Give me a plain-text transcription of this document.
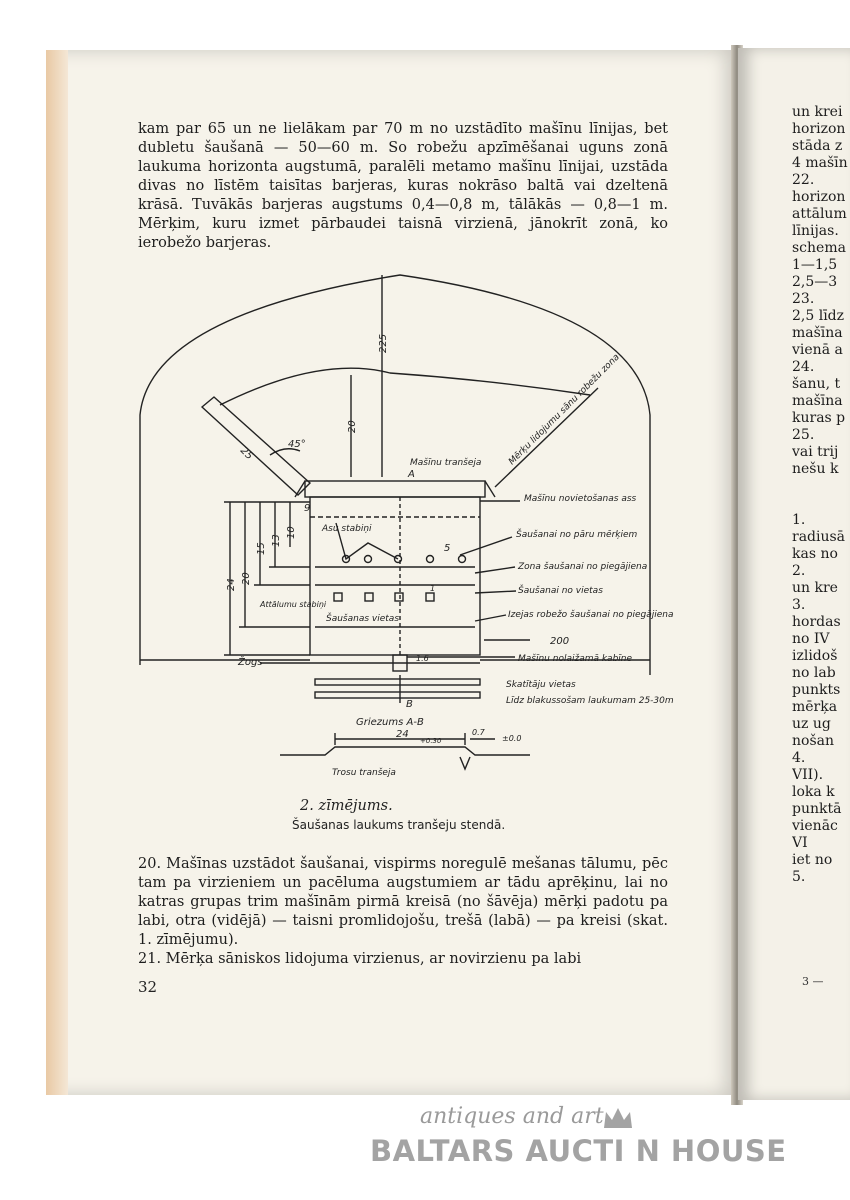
kam par 65 un ne lielākam par 70 m no uzstādīto mašīnu līnijas, bet dubletu šaušanā — 50—60 m. So robežu apzīmēšanai uguns zonā laukuma horizonta augstumā, paralēli metamo mašīnu līnijai, uzstāda divas no līstēm taisītas barjeras, kuras nokrāso baltā vai dzeltenā krāsā. Tuvākās barjeras augstums 0,4—0,8 m, tālākās — 0,8—1 m. Mērķim, kuru izmet pārbaudei taisnā virzienā, jānokrīt zonā, ko ierobežo barjeras.

225
20
25
45°
Mašīnu tranšeja
A
Mērķu lidojumu sānu robežu zona
Mašīnu novietošanas ass
Asu stabiņi
Šaušanai no pāru mērķiem
5
Zona šaušanai no piegājiena
Šaušanai no vietas
Attālumu stabiņi
Šaušanas vietas	Izejas robežo šaušanai no piegājiena
200
Žogs	1.6	Mašīnu nolaižamā kabīne
Skatītāju vietas
B	Līdz blakussošam laukumam 25-30m
24 20
15
13
10
9
1
Griezums A-B
24
+0.30
0.7
±0.0
Trosu tranšeja
2. zīmējums.
Šaušanas laukums tranšeju stendā.

20. Mašīnas uzstādot šaušanai, vispirms noregulē mešanas tālumu, pēc tam pa virzieniem un pacēluma augstumiem ar tādu aprēķinu, lai no katras grupas trim mašīnām pirmā kreisā (no šāvēja) mērķi padotu pa labi, otra (vidējā) — taisni promlidojošu, trešā (labā) — pa kreisi (skat. 1. zīmējumu).
21. Mērķa sāniskos lidojuma virzienus, ar novirzienu pa labi

32
un krei
horizon
stāda z
4 mašīn
22.
horizon
attālum
līnijas.
schema
1—1,5
2,5—3
23.
2,5 līdz
mašīna
vienā a
24.
šanu, t
mašīna
kuras p
25.
vai trij
nešu k
1.
radiusā
kas no
2.
un kre
3.
hordas
no IV
izlidoš
no lab
punkts
mērķa
uz ug
nošan
4.
VII).
loka k
punktā
vienāc
VI
iet no
5.
3 —
antiques and art
BALTARS AUCTI N HOUSE
